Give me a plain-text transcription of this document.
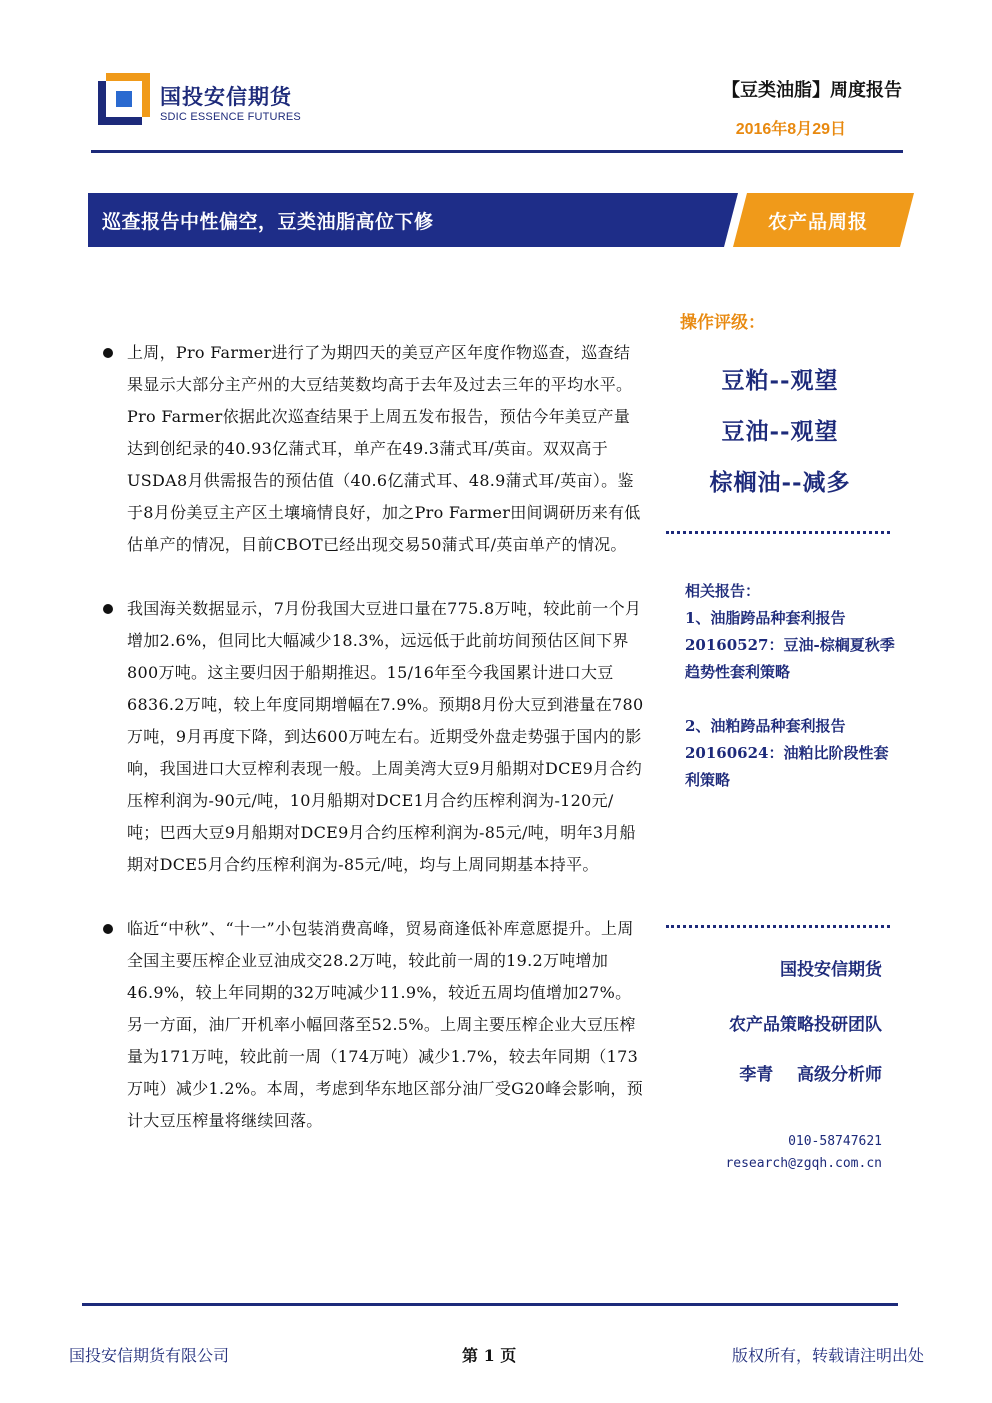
国投安信期货
SDIC ESSENCE FUTURES
【豆类油脂】周度报告
2016年8月29日
巡查报告中性偏空，豆类油脂高位下修	农产品周报
上周，Pro Farmer进行了为期四天的美豆产区年度作物巡查，巡查结果显示大部分主产州的大豆结荚数均高于去年及过去三年的平均水平。Pro Farmer依据此次巡查结果于上周五发布报告，预估今年美豆产量达到创纪录的40.93亿蒲式耳，单产在49.3蒲式耳/英亩。双双高于USDA8月供需报告的预估值（40.6亿蒲式耳、48.9蒲式耳/英亩）。鉴于8月份美豆主产区土壤墒情良好，加之Pro Farmer田间调研历来有低估单产的情况，目前CBOT已经出现交易50蒲式耳/英亩单产的情况。
我国海关数据显示，7月份我国大豆进口量在775.8万吨，较此前一个月增加2.6%，但同比大幅减少18.3%，远远低于此前坊间预估区间下界800万吨。这主要归因于船期推迟。15/16年至今我国累计进口大豆6836.2万吨，较上年度同期增幅在7.9%。预期8月份大豆到港量在780万吨，9月再度下降，到达600万吨左右。近期受外盘走势强于国内的影响，我国进口大豆榨利表现一般。上周美湾大豆9月船期对DCE9月合约压榨利润为-90元/吨，10月船期对DCE1月合约压榨利润为-120元/吨；巴西大豆9月船期对DCE9月合约压榨利润为-85元/吨，明年3月船期对DCE5月合约压榨利润为-85元/吨，均与上周同期基本持平。
临近“中秋”、“十一”小包装消费高峰，贸易商逢低补库意愿提升。上周全国主要压榨企业豆油成交28.2万吨，较此前一周的19.2万吨增加46.9%，较上年同期的32万吨减少11.9%，较近五周均值增加27%。另一方面，油厂开机率小幅回落至52.5%。上周主要压榨企业大豆压榨量为171万吨，较此前一周（174万吨）减少1.7%，较去年同期（173万吨）减少1.2%。本周，考虑到华东地区部分油厂受G20峰会影响，预计大豆压榨量将继续回落。
操作评级：
豆粕--观望
豆油--观望
棕榈油--减多
相关报告：
1、油脂跨品种套利报告20160527：豆油-棕榈夏秋季趋势性套利策略
2、油粕跨品种套利报告20160624：油粕比阶段性套利策略
国投安信期货
农产品策略投研团队
李青    高级分析师
010-58747621
research@zgqh.com.cn
国投安信期货有限公司	第 1 页	版权所有，转载请注明出处
